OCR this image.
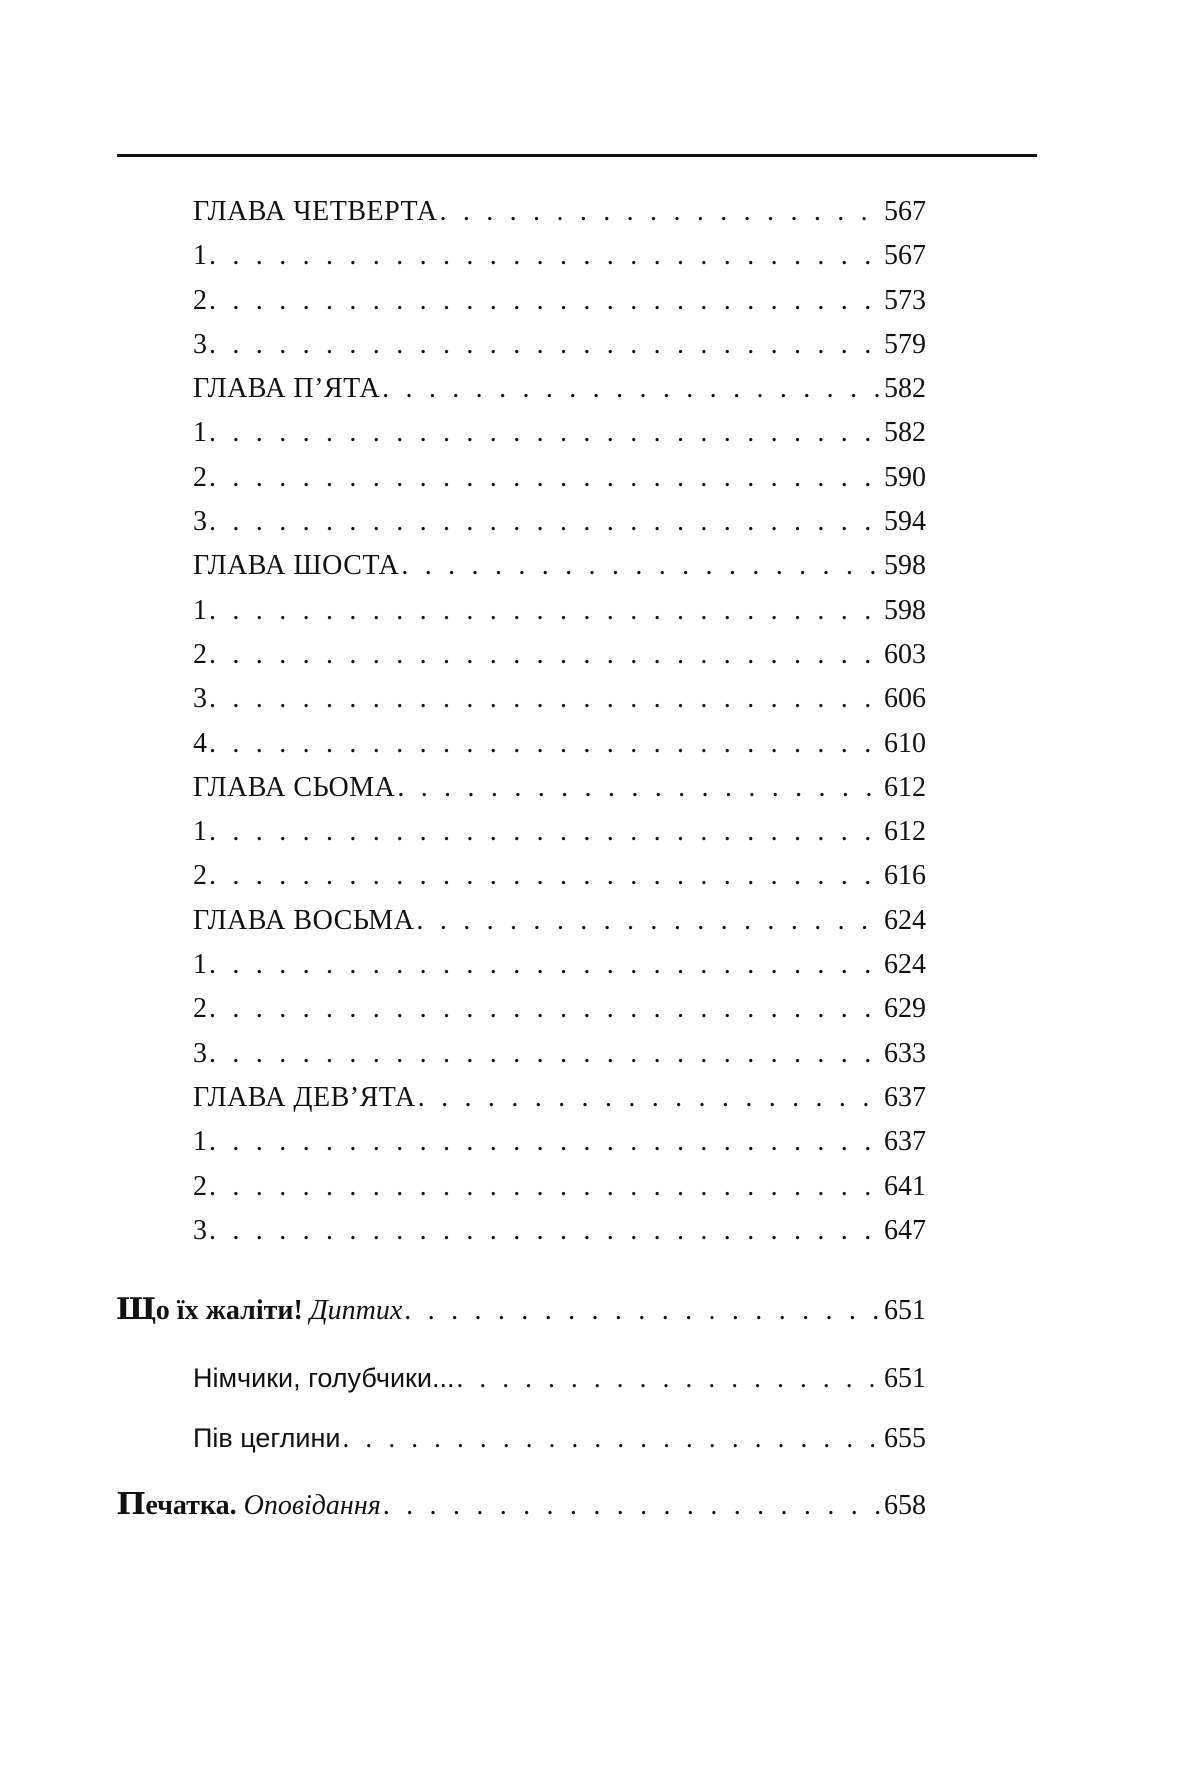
ГЛАВА ЧЕТВЕРТА . . .	567
1 . . .	567
2 . . .	573
3 . . .	579
ГЛАВА П’ЯТА . . .	582
1 . . .	582
2 . . .	590
3 . . .	594
ГЛАВА ШОСТА . . .	598
1 . . .	598
2 . . .	603
3 . . .	606
4 . . .	610
ГЛАВА СЬОМА . . .	612
1 . . .	612
2 . . .	616
ГЛАВА ВОСЬМА . . .	624
1 . . .	624
2 . . .	629
3 . . .	633
ГЛАВА ДЕВ’ЯТА . . .	637
1 . . .	637
2 . . .	641
3 . . .	647
Що їх жаліти! Диптих . . .	651
Німчики, голубчики... . . .	651
Пів цеглини . . .	655
Печатка. Оповідання . . .	658
